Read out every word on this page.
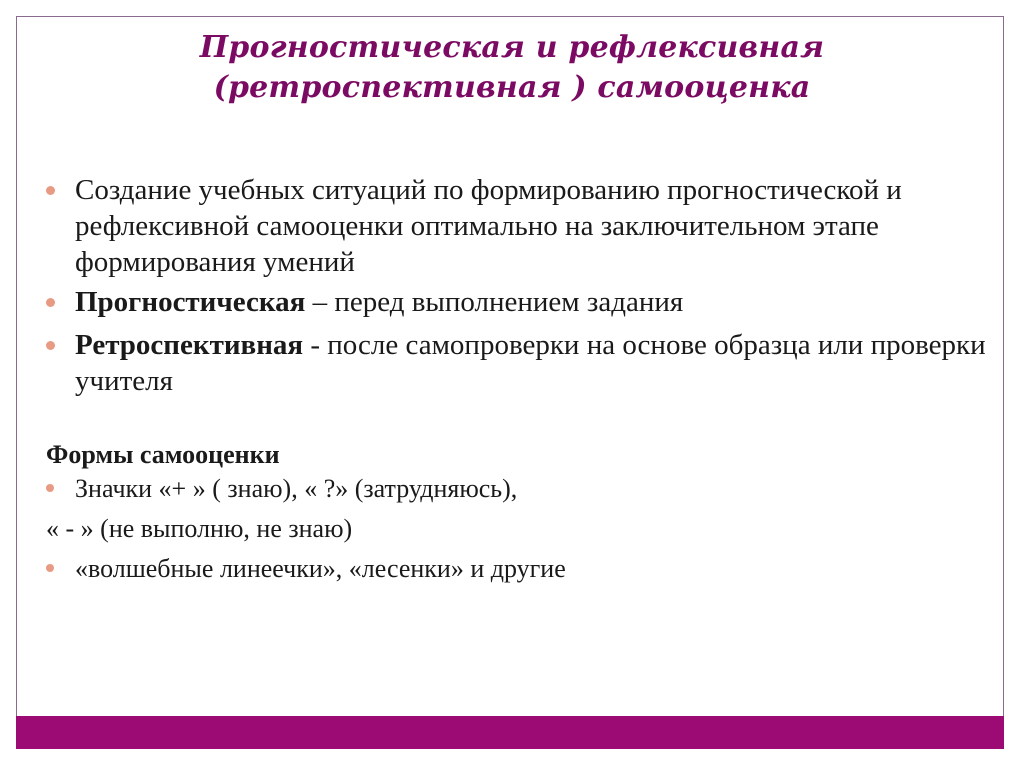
Прогностическая и рефлексивная
(ретроспективная ) самооценка
Создание учебных ситуаций по формированию прогностической и рефлексивной самооценки оптимально на заключительном этапе формирования умений
Прогностическая – перед выполнением задания
Ретроспективная - после самопроверки на основе образца или проверки учителя
Формы самооценки
Значки «+ » ( знаю), « ?» (затрудняюсь),
« - » (не выполню, не знаю)
«волшебные линеечки», «лесенки» и другие
